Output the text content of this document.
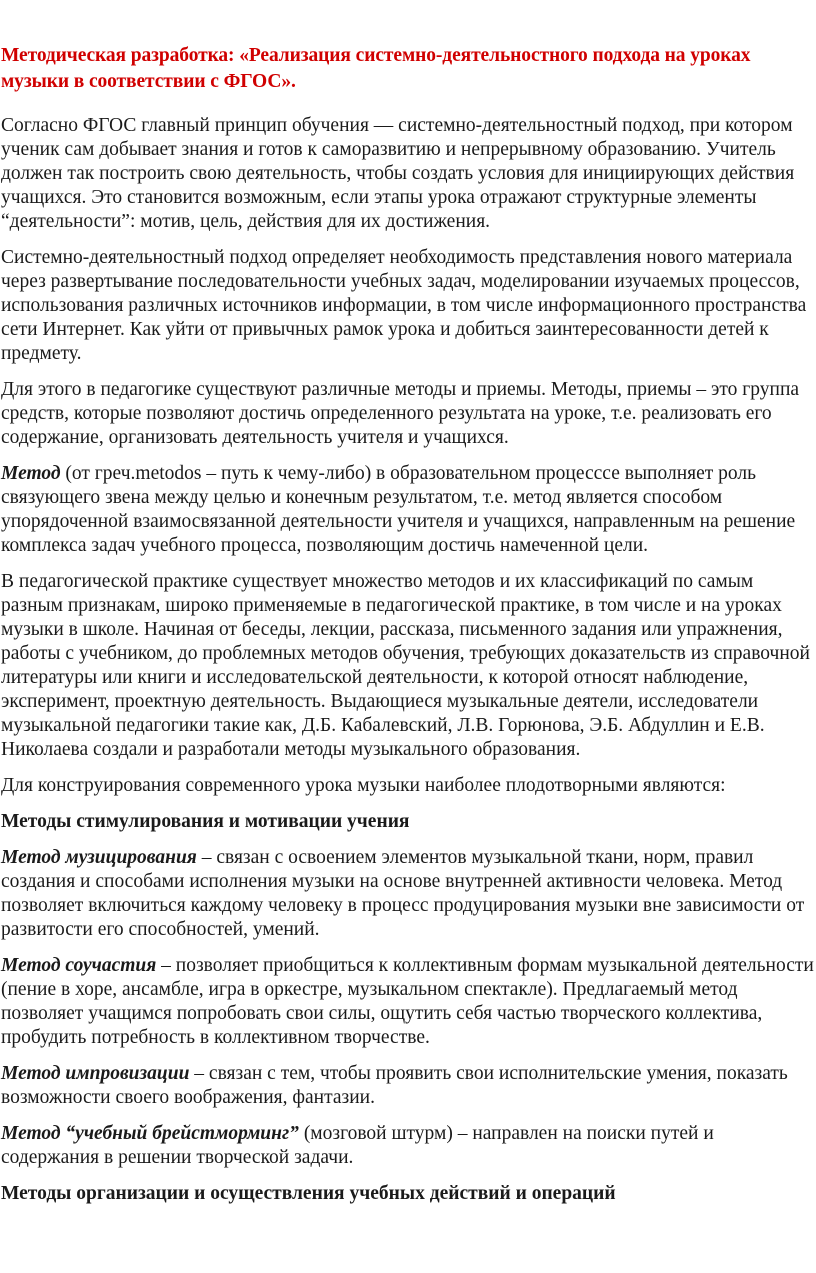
Методическая разработка: «Реализация системно-деятельностного подхода на уроках музыки в соответствии с ФГОС».

Согласно ФГОС главный принцип обучения — системно-деятельностный подход, при котором ученик сам добывает знания и готов к саморазвитию и непрерывному образованию. Учитель должен так построить свою деятельность, чтобы создать условия для инициирующих действия учащихся. Это становится возможным, если этапы урока отражают структурные элементы “деятельности”: мотив, цель, действия для их достижения.

Системно-деятельностный подход определяет необходимость представления нового материала через развертывание последовательности учебных задач, моделировании изучаемых процессов, использования различных источников информации, в том числе информационного пространства сети Интернет. Как уйти от привычных рамок урока и добиться заинтересованности детей к предмету.

Для этого в педагогике существуют различные методы и приемы. Методы, приемы – это группа средств, которые позволяют достичь определенного результата на уроке, т.е. реализовать его содержание, организовать деятельность учителя и учащихся.

Метод (от греч.metodos – путь к чему-либо) в образовательном процесссе выполняет роль связующего звена между целью и конечным результатом, т.е. метод является способом упорядоченной взаимосвязанной деятельности учителя и учащихся, направленным на решение комплекса задач учебного процесса, позволяющим достичь намеченной цели.

В педагогической практике существует множество методов и их классификаций по самым разным признакам, широко применяемые в педагогической практике, в том числе и на уроках музыки в школе. Начиная от беседы, лекции, рассказа, письменного задания или упражнения, работы с учебником, до проблемных методов обучения, требующих доказательств из справочной литературы или книги и исследовательской деятельности, к которой относят наблюдение, эксперимент, проектную деятельность. Выдающиеся музыкальные деятели, исследователи музыкальной педагогики такие как, Д.Б. Кабалевский, Л.В. Горюнова, Э.Б. Абдуллин и Е.В. Николаева создали и разработали методы музыкального образования.

Для конструирования современного урока музыки наиболее плодотворными являются:

Методы стимулирования и мотивации учения

Метод музицирования – связан с освоением элементов музыкальной ткани, норм, правил создания и способами исполнения музыки на основе внутренней активности человека. Метод позволяет включиться каждому человеку в процесс продуцирования музыки вне зависимости от развитости его способностей, умений.

Метод соучастия – позволяет приобщиться к коллективным формам музыкальной деятельности (пение в хоре, ансамбле, игра в оркестре, музыкальном спектакле). Предлагаемый метод позволяет учащимся попробовать свои силы, ощутить себя частью творческого коллектива, пробудить потребность в коллективном творчестве.

Метод импровизации – связан с тем, чтобы проявить свои исполнительские умения, показать возможности своего воображения, фантазии.

Метод “учебный брейстморминг” (мозговой штурм) – направлен на поиски путей и содержания в решении творческой задачи.

Методы организации и осуществления учебных действий и операций
